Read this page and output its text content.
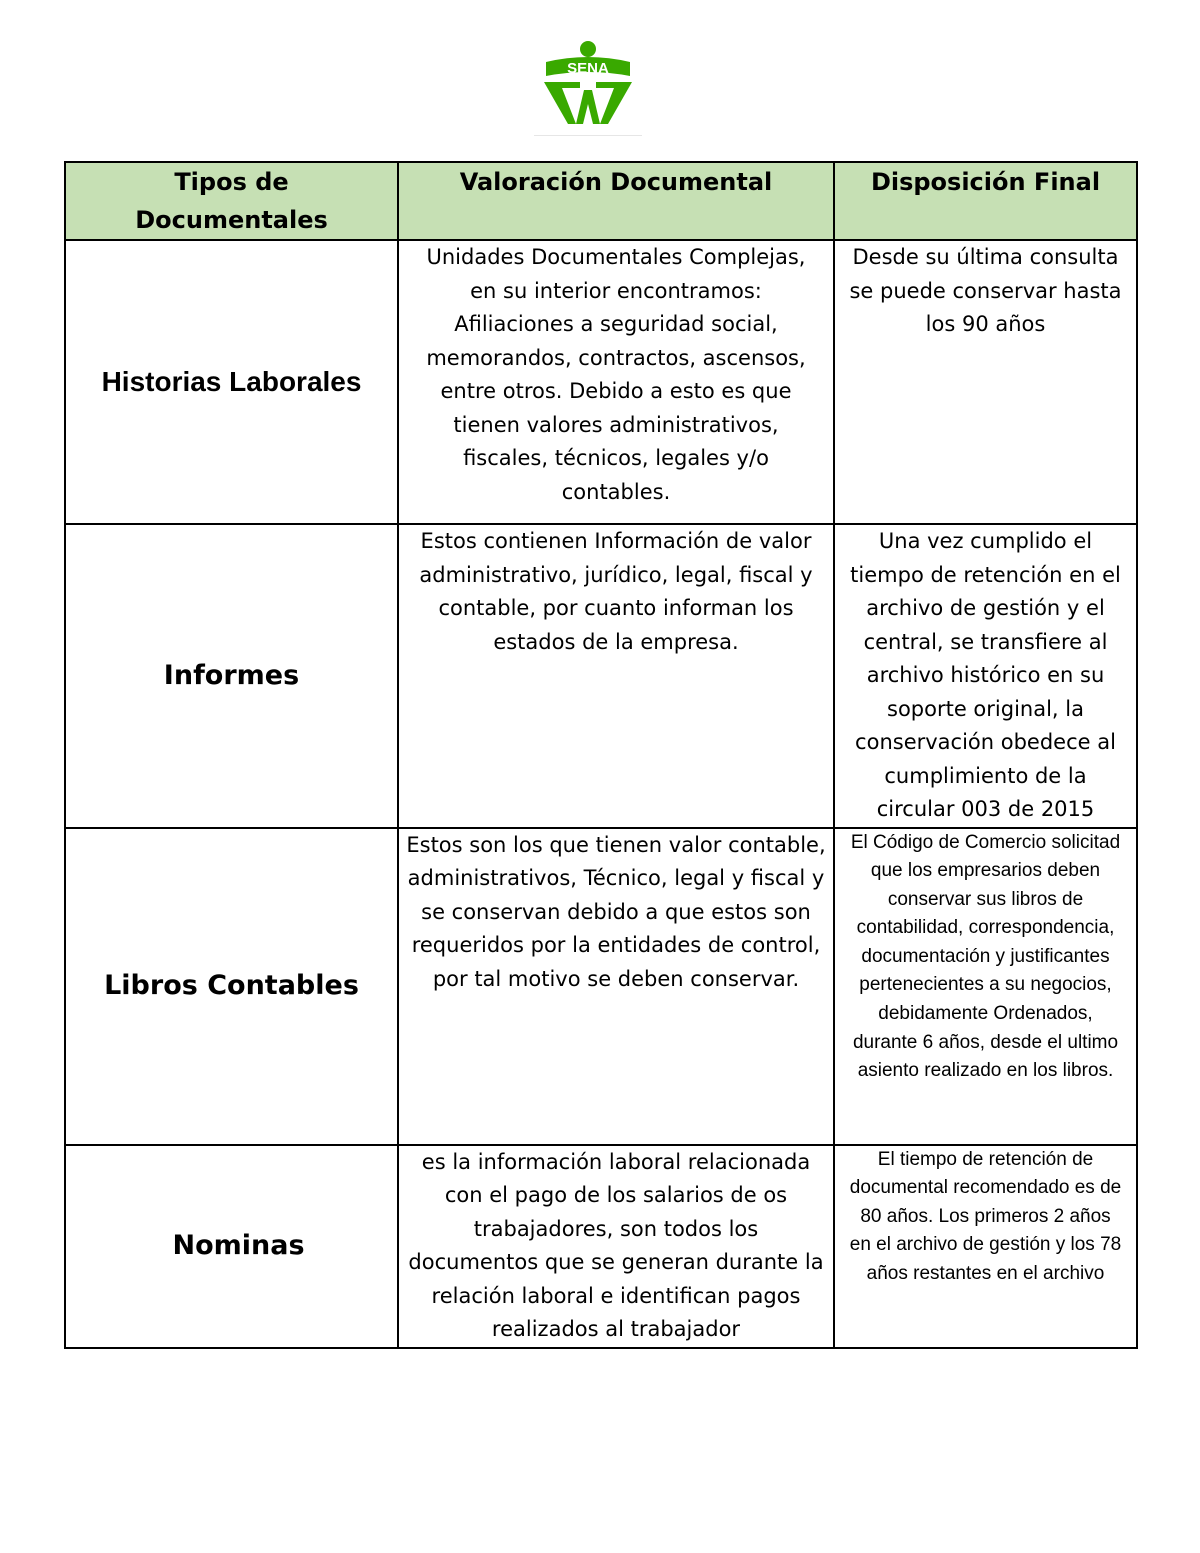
SENA
Tipos de Documentales	Valoración Documental	Disposición Final
Historias Laborales	Unidades Documentales Complejas, en su interior encontramos: Afiliaciones a seguridad social, memorandos, contractos, ascensos, entre otros. Debido a esto es que tienen valores administrativos, fiscales, técnicos, legales y/o contables.	Desde su última consulta se puede conservar hasta los 90 años
Informes	Estos contienen Información de valor administrativo, jurídico, legal, fiscal y contable, por cuanto informan los estados de la empresa.	Una vez cumplido el tiempo de retención en el archivo de gestión y el central, se transfiere al archivo histórico en su soporte original, la conservación obedece al cumplimiento de la circular 003 de 2015
Libros Contables	Estos son los que tienen valor contable, administrativos, Técnico, legal y fiscal y se conservan debido a que estos son requeridos por la entidades de control, por tal motivo se deben conservar.	El Código de Comercio solicitad que los empresarios deben conservar sus libros de contabilidad, correspondencia, documentación y justificantes pertenecientes a su negocios, debidamente Ordenados, durante 6 años, desde el ultimo asiento realizado en los libros.
Nominas	es la información laboral relacionada con el pago de los salarios de os trabajadores, son todos los documentos que se generan durante la relación laboral e identifican pagos realizados al trabajador	El tiempo de retención de documental recomendado es de 80 años. Los primeros 2 años en el archivo de gestión y los 78 años restantes en el archivo
